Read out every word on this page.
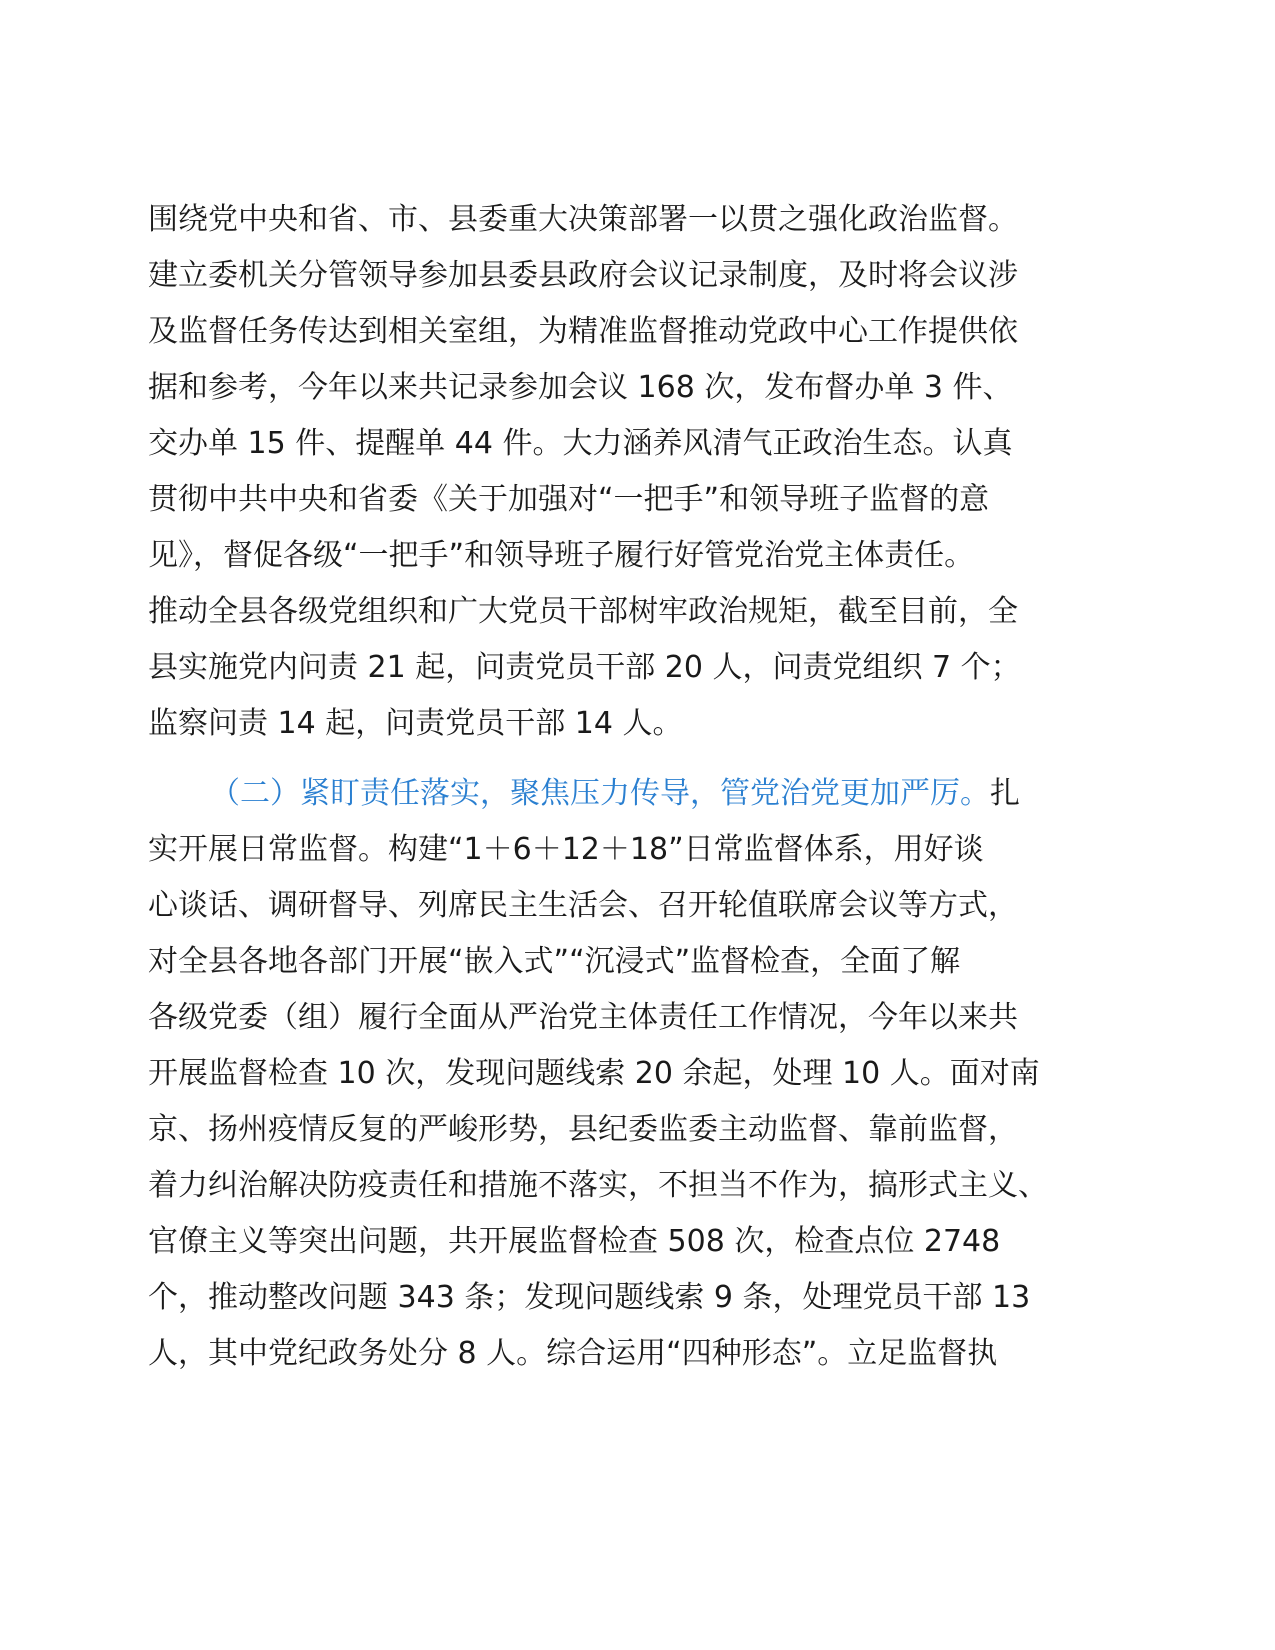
围绕党中央和省、市、县委重大决策部署一以贯之强化政治监督。
建立委机关分管领导参加县委县政府会议记录制度，及时将会议涉
及监督任务传达到相关室组，为精准监督推动党政中心工作提供依
据和参考，今年以来共记录参加会议 168 次，发布督办单 3 件、
交办单 15 件、提醒单 44 件。大力涵养风清气正政治生态。认真
贯彻中共中央和省委《关于加强对“一把手”和领导班子监督的意
见》，督促各级“一把手”和领导班子履行好管党治党主体责任。
推动全县各级党组织和广大党员干部树牢政治规矩，截至目前，全
县实施党内问责 21 起，问责党员干部 20 人，问责党组织 7 个；
监察问责 14 起，问责党员干部 14 人。
（二）紧盯责任落实，聚焦压力传导，管党治党更加严厉。扎
实开展日常监督。构建“1＋6＋12＋18”日常监督体系，用好谈
心谈话、调研督导、列席民主生活会、召开轮值联席会议等方式，
对全县各地各部门开展“嵌入式”“沉浸式”监督检查，全面了解
各级党委（组）履行全面从严治党主体责任工作情况，今年以来共
开展监督检查 10 次，发现问题线索 20 余起，处理 10 人。面对南
京、扬州疫情反复的严峻形势，县纪委监委主动监督、靠前监督，
着力纠治解决防疫责任和措施不落实，不担当不作为，搞形式主义、
官僚主义等突出问题，共开展监督检查 508 次，检查点位 2748
个，推动整改问题 343 条；发现问题线索 9 条，处理党员干部 13
人，其中党纪政务处分 8 人。综合运用“四种形态”。立足监督执
